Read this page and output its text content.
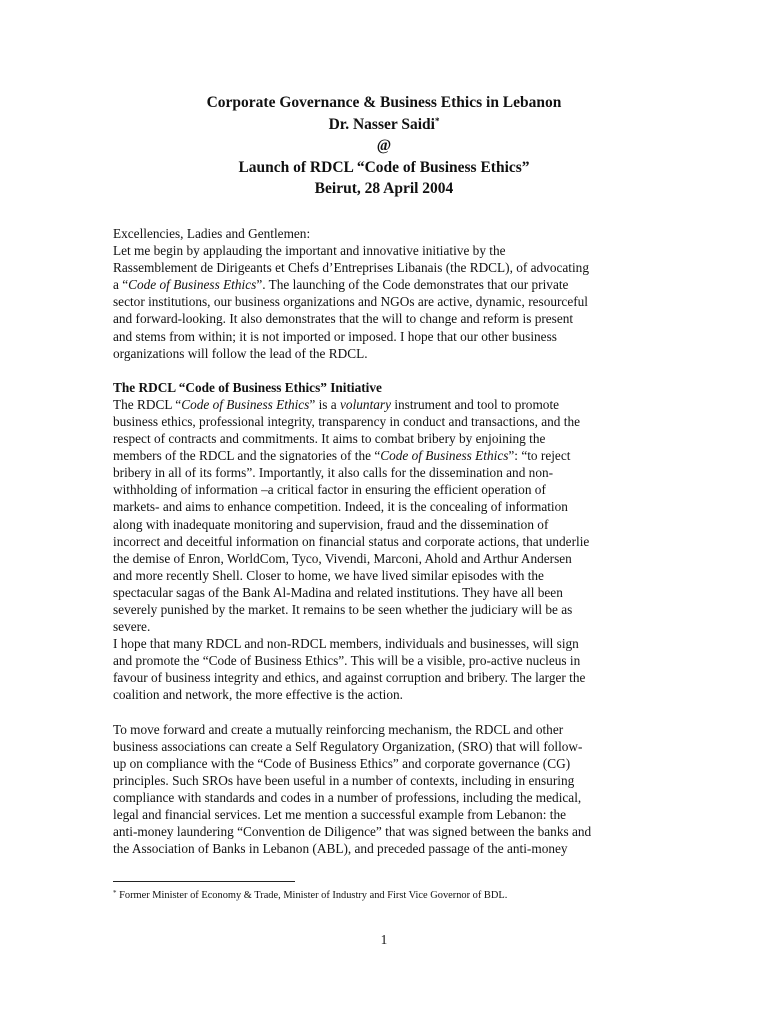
Corporate Governance & Business Ethics in Lebanon
Dr. Nasser Saidi*
@
Launch of RDCL “Code of Business Ethics”
Beirut, 28 April 2004

Excellencies, Ladies and Gentlemen:

Let me begin by applauding the important and innovative initiative by the
Rassemblement de Dirigeants et Chefs d’Entreprises Libanais (the RDCL), of advocating
a “Code of Business Ethics”. The launching of the Code demonstrates that our private
sector institutions, our business organizations and NGOs are active, dynamic, resourceful
and forward-looking. It also demonstrates that the will to change and reform is present
and stems from within; it is not imported or imposed. I hope that our other business
organizations will follow the lead of the RDCL.

The RDCL “Code of Business Ethics” Initiative

The RDCL “Code of Business Ethics” is a voluntary instrument and tool to promote
business ethics, professional integrity, transparency in conduct and transactions, and the
respect of contracts and commitments. It aims to combat bribery by enjoining the
members of the RDCL and the signatories of the “Code of Business Ethics”: “to reject
bribery in all of its forms”. Importantly, it also calls for the dissemination and non-
withholding of information –a critical factor in ensuring the efficient operation of
markets- and aims to enhance competition. Indeed, it is the concealing of information
along with inadequate monitoring and supervision, fraud and the dissemination of
incorrect and deceitful information on financial status and corporate actions, that underlie
the demise of Enron, WorldCom, Tyco, Vivendi, Marconi, Ahold and Arthur Andersen
and more recently Shell. Closer to home, we have lived similar episodes with the
spectacular sagas of the Bank Al-Madina and related institutions. They have all been
severely punished by the market. It remains to be seen whether the judiciary will be as
severe.

I hope that many RDCL and non-RDCL members, individuals and businesses, will sign
and promote the “Code of Business Ethics”. This will be a visible, pro-active nucleus in
favour of business integrity and ethics, and against corruption and bribery. The larger the
coalition and network, the more effective is the action.

To move forward and create a mutually reinforcing mechanism, the RDCL and other
business associations can create a Self Regulatory Organization, (SRO) that will follow-
up on compliance with the “Code of Business Ethics” and corporate governance (CG)
principles. Such SROs have been useful in a number of contexts, including in ensuring
compliance with standards and codes in a number of professions, including the medical,
legal and financial services. Let me mention a successful example from Lebanon: the
anti-money laundering “Convention de Diligence” that was signed between the banks and
the Association of Banks in Lebanon (ABL), and preceded passage of the anti-money

* Former Minister of Economy & Trade, Minister of Industry and First Vice Governor of BDL.
1
